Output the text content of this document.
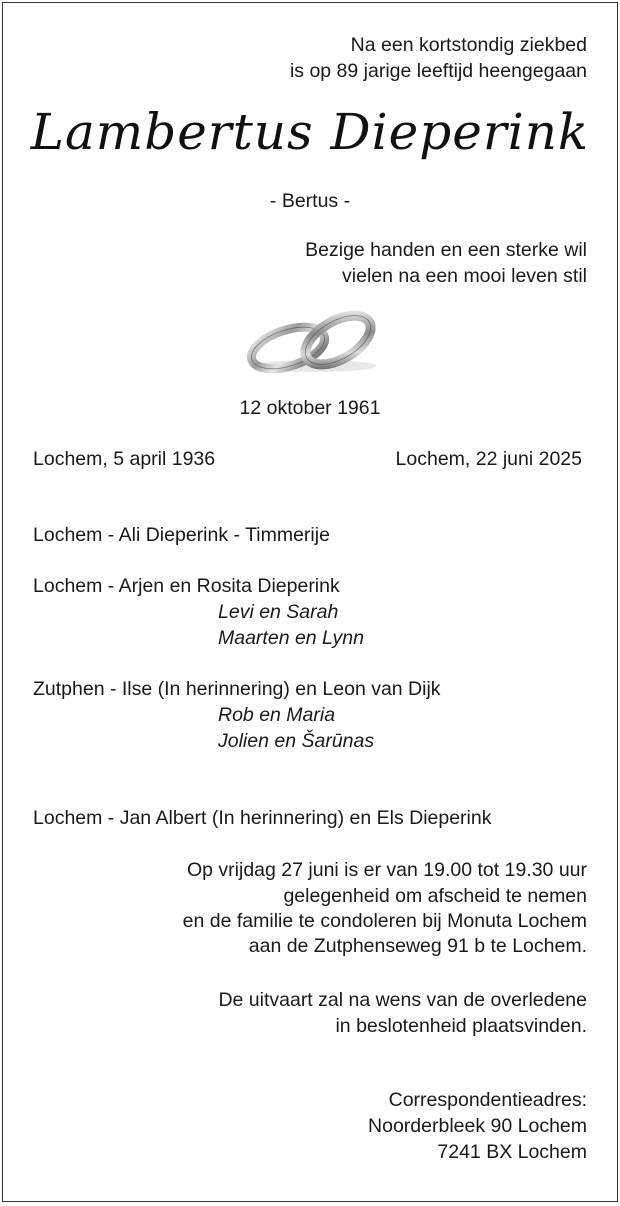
Na een kortstondig ziekbed
is op 89 jarige leeftijd heengegaan
Lambertus Dieperink
- Bertus -
Bezige handen en een sterke wil
vielen na een mooi leven stil
12 oktober 1961
Lochem, 5 april 1936	Lochem, 22 juni 2025
Lochem - Ali Dieperink - Timmerije
Lochem - Arjen en Rosita Dieperink
Levi en Sarah
Maarten en Lynn
Zutphen - Ilse (In herinnering) en Leon van Dijk
Rob en Maria
Jolien en Šarūnas
Lochem - Jan Albert (In herinnering) en Els Dieperink
Op vrijdag 27 juni is er van 19.00 tot 19.30 uur
gelegenheid om afscheid te nemen
en de familie te condoleren bij Monuta Lochem
aan de Zutphenseweg 91 b te Lochem.
De uitvaart zal na wens van de overledene
in beslotenheid plaatsvinden.
Correspondentieadres:
Noorderbleek 90 Lochem
7241 BX Lochem
